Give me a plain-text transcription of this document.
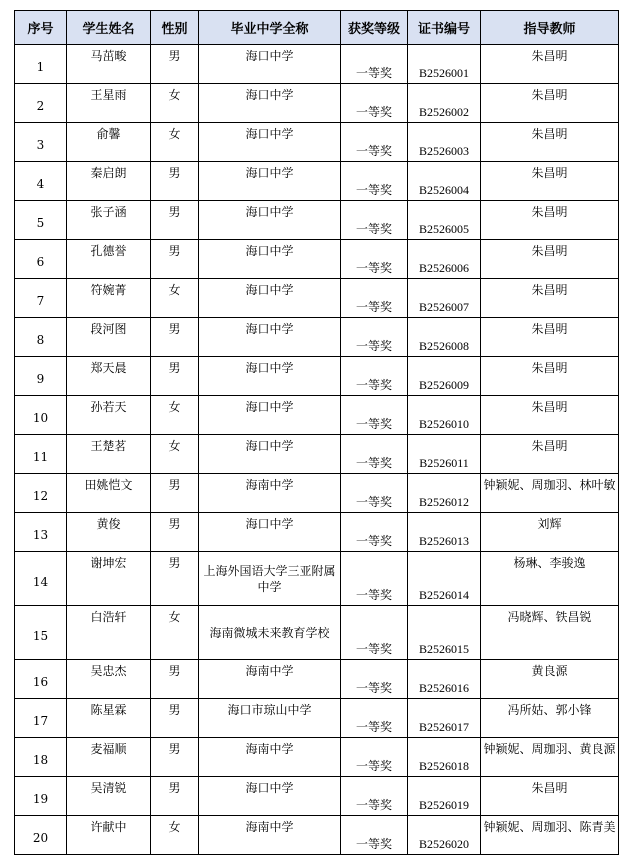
序号	学生姓名	性别	毕业中学全称	获奖等级	证书编号	指导教师
1	马茁畯	男	海口中学	一等奖	B2526001	朱昌明
2	王星雨	女	海口中学	一等奖	B2526002	朱昌明
3	俞馨	女	海口中学	一等奖	B2526003	朱昌明
4	秦启朗	男	海口中学	一等奖	B2526004	朱昌明
5	张子涵	男	海口中学	一等奖	B2526005	朱昌明
6	孔德誉	男	海口中学	一等奖	B2526006	朱昌明
7	符婉菁	女	海口中学	一等奖	B2526007	朱昌明
8	段河图	男	海口中学	一等奖	B2526008	朱昌明
9	郑天晨	男	海口中学	一等奖	B2526009	朱昌明
10	孙若天	女	海口中学	一等奖	B2526010	朱昌明
11	王楚茗	女	海口中学	一等奖	B2526011	朱昌明
12	田姚恺文	男	海南中学	一等奖	B2526012	钟颖妮、周珈羽、林叶敏
13	黄俊	男	海口中学	一等奖	B2526013	刘辉
14	谢坤宏	男	上海外国语大学三亚附属中学	一等奖	B2526014	杨琳、李骏逸
15	白浩轩	女	海南微城未来教育学校	一等奖	B2526015	冯晓辉、铁昌锐
16	吴忠杰	男	海南中学	一等奖	B2526016	黄良源
17	陈星霖	男	海口市琼山中学	一等奖	B2526017	冯所姑、郭小锋
18	麦福顺	男	海南中学	一等奖	B2526018	钟颖妮、周珈羽、黄良源
19	吴清锐	男	海口中学	一等奖	B2526019	朱昌明
20	许献中	女	海南中学	一等奖	B2526020	钟颖妮、周珈羽、陈青美
